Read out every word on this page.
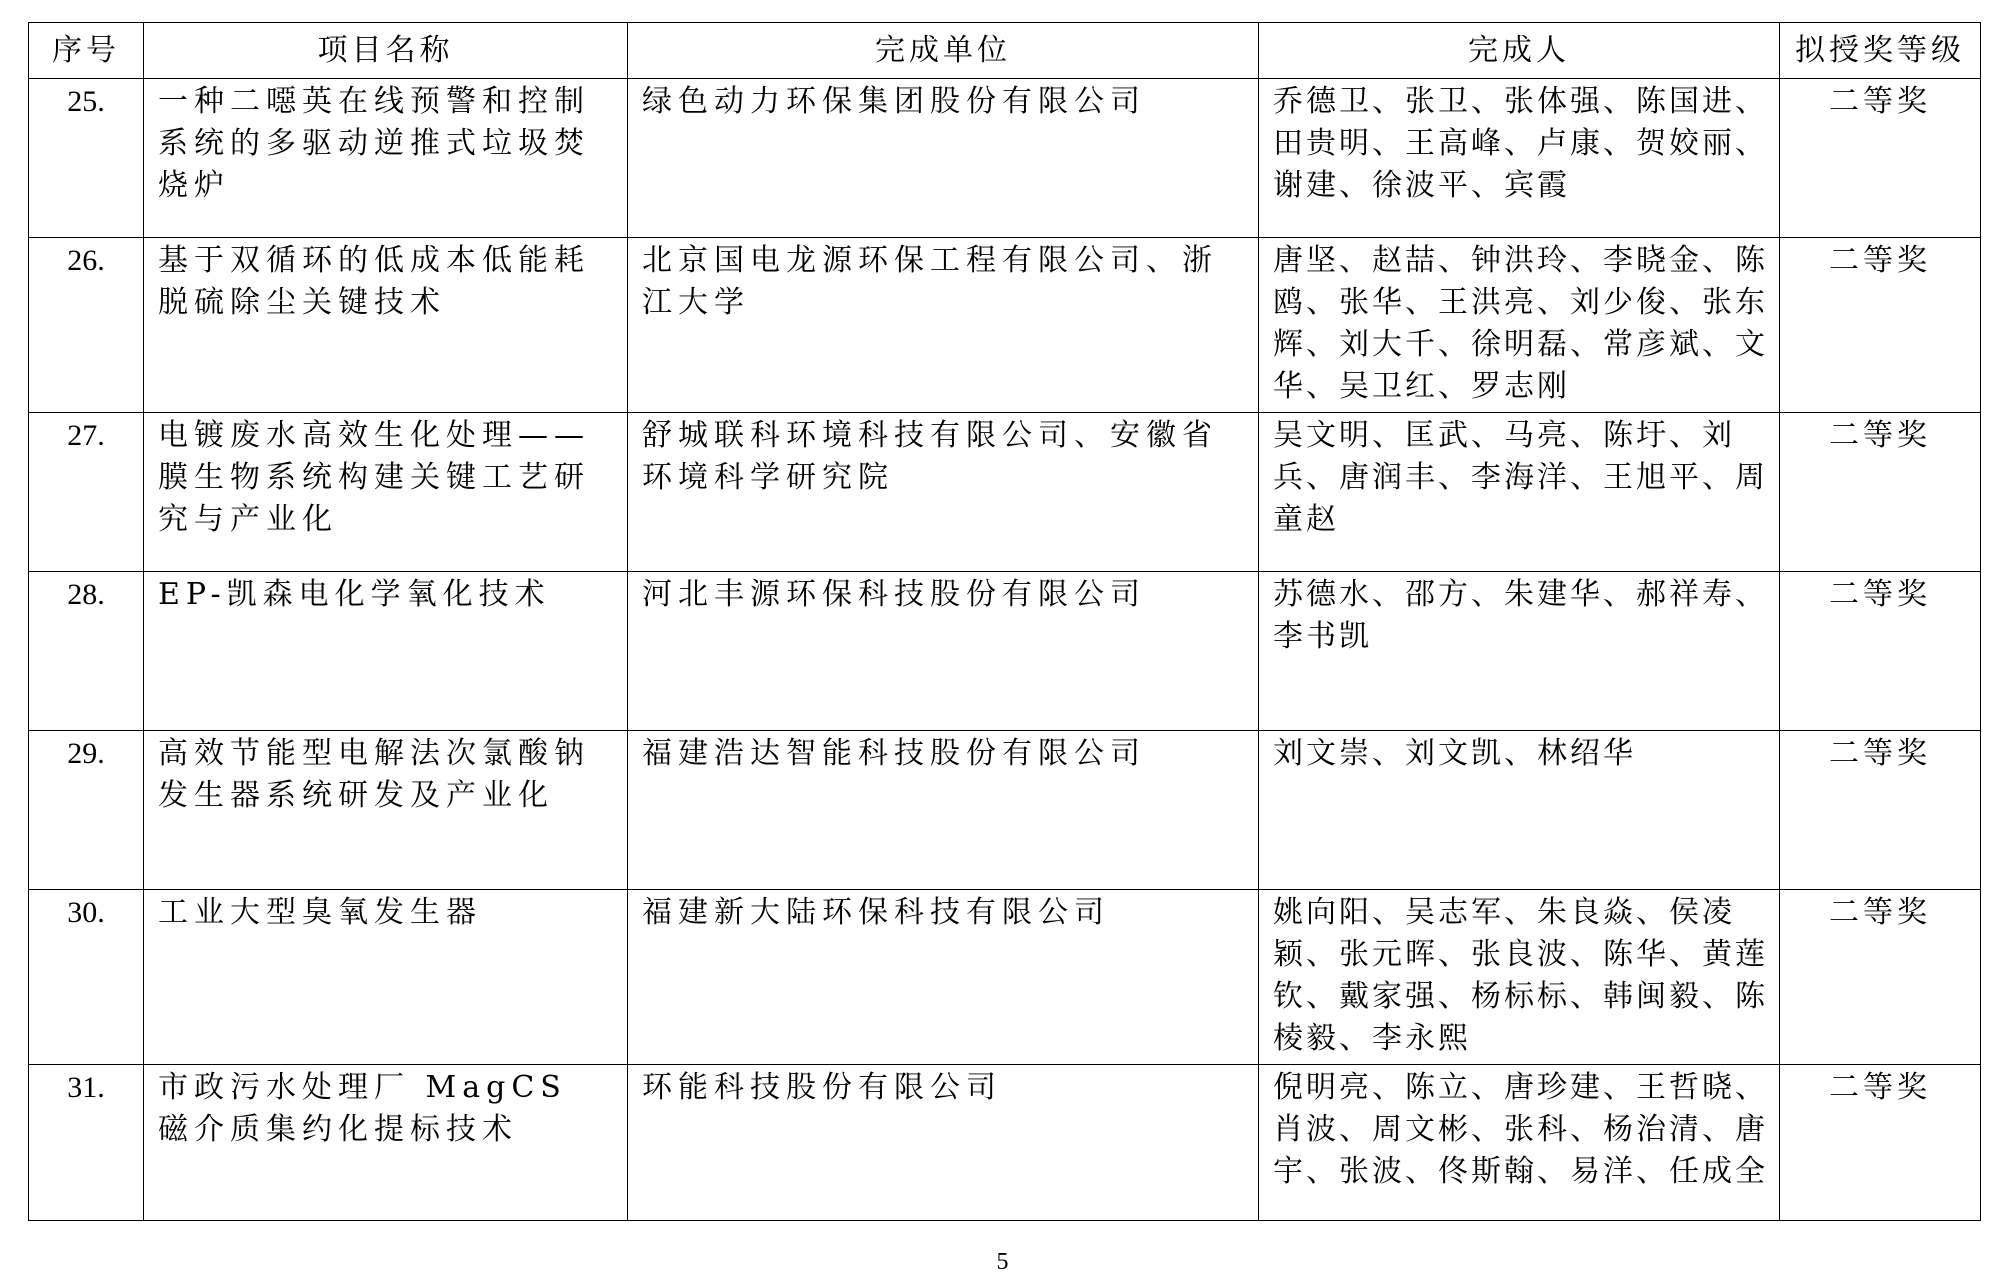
序号	项目名称	完成单位	完成人	拟授奖等级
25.	一种二噁英在线预警和控制系统的多驱动逆推式垃圾焚烧炉	绿色动力环保集团股份有限公司	乔德卫、张卫、张体强、陈国进、田贵明、王高峰、卢康、贺姣丽、谢建、徐波平、宾霞	二等奖
26.	基于双循环的低成本低能耗脱硫除尘关键技术	北京国电龙源环保工程有限公司、浙江大学	唐坚、赵喆、钟洪玲、李晓金、陈鸥、张华、王洪亮、刘少俊、张东辉、刘大千、徐明磊、常彦斌、文华、吴卫红、罗志刚	二等奖
27.	电镀废水高效生化处理——膜生物系统构建关键工艺研究与产业化	舒城联科环境科技有限公司、安徽省环境科学研究院	吴文明、匡武、马亮、陈圩、刘兵、唐润丰、李海洋、王旭平、周童赵	二等奖
28.	EP-凯森电化学氧化技术	河北丰源环保科技股份有限公司	苏德水、邵方、朱建华、郝祥寿、李书凯	二等奖
29.	高效节能型电解法次氯酸钠发生器系统研发及产业化	福建浩达智能科技股份有限公司	刘文崇、刘文凯、林绍华	二等奖
30.	工业大型臭氧发生器	福建新大陆环保科技有限公司	姚向阳、吴志军、朱良焱、侯凌颖、张元晖、张良波、陈华、黄莲钦、戴家强、杨标标、韩闽毅、陈棱毅、李永熙	二等奖
31.	市政污水处理厂 MagCS 磁介质集约化提标技术	环能科技股份有限公司	倪明亮、陈立、唐珍建、王哲晓、肖波、周文彬、张科、杨治清、唐宇、张波、佟斯翰、易洋、任成全	二等奖
5
